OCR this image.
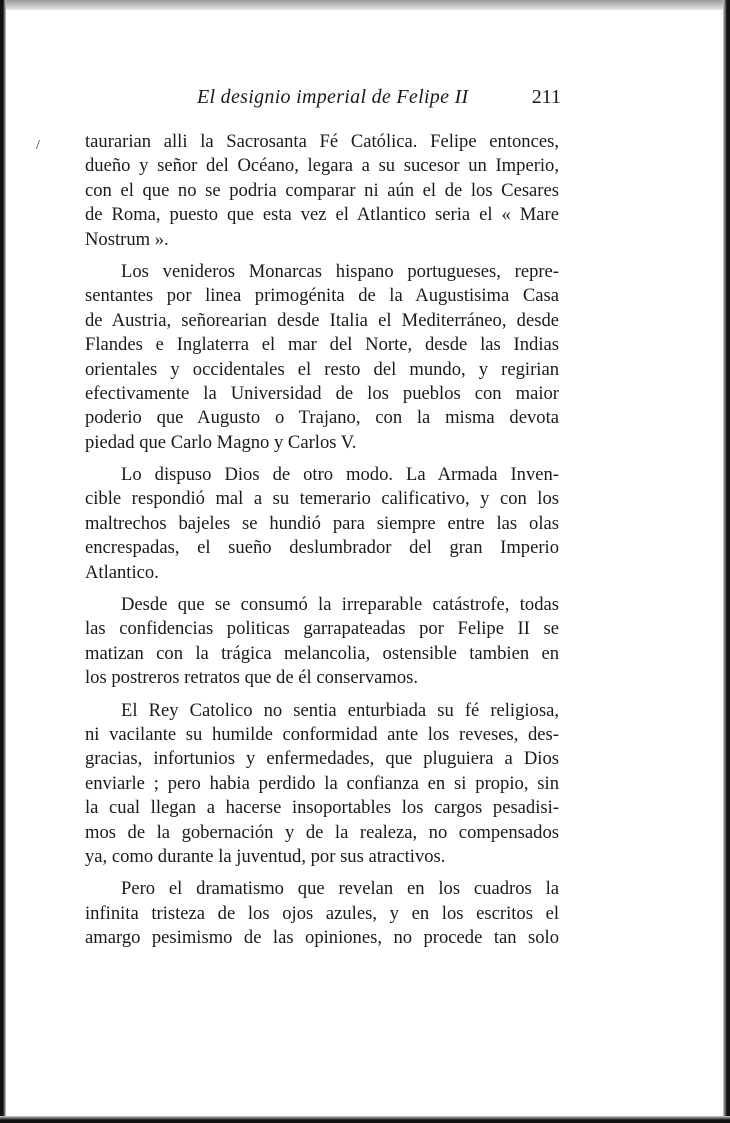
/
El designio imperial de Felipe II	211
taurarian alli la Sacrosanta Fé Católica. Felipe entonces,
dueño y señor del Océano, legara a su sucesor un Imperio,
con el que no se podria comparar ni aún el de los Cesares
de Roma, puesto que esta vez el Atlantico seria el « Mare
Nostrum ».
Los venideros Monarcas hispano portugueses, repre-
sentantes por linea primogénita de la Augustisima Casa
de Austria, señorearian desde Italia el Mediterráneo, desde
Flandes e Inglaterra el mar del Norte, desde las Indias
orientales y occidentales el resto del mundo, y regirian
efectivamente la Universidad de los pueblos con maior
poderio que Augusto o Trajano, con la misma devota
piedad que Carlo Magno y Carlos V.
Lo dispuso Dios de otro modo. La Armada Inven-
cible respondió mal a su temerario calificativo, y con los
maltrechos bajeles se hundió para siempre entre las olas
encrespadas, el sueño deslumbrador del gran Imperio
Atlantico.
Desde que se consumó la irreparable catástrofe, todas
las confidencias politicas garrapateadas por Felipe II se
matizan con la trágica melancolia, ostensible tambien en
los postreros retratos que de él conservamos.
El Rey Catolico no sentia enturbiada su fé religiosa,
ni vacilante su humilde conformidad ante los reveses, des-
gracias, infortunios y enfermedades, que pluguiera a Dios
enviarle ; pero habia perdido la confianza en si propio, sin
la cual llegan a hacerse insoportables los cargos pesadisi-
mos de la gobernación y de la realeza, no compensados
ya, como durante la juventud, por sus atractivos.
Pero el dramatismo que revelan en los cuadros la
infinita tristeza de los ojos azules, y en los escritos el
amargo pesimismo de las opiniones, no procede tan solo
